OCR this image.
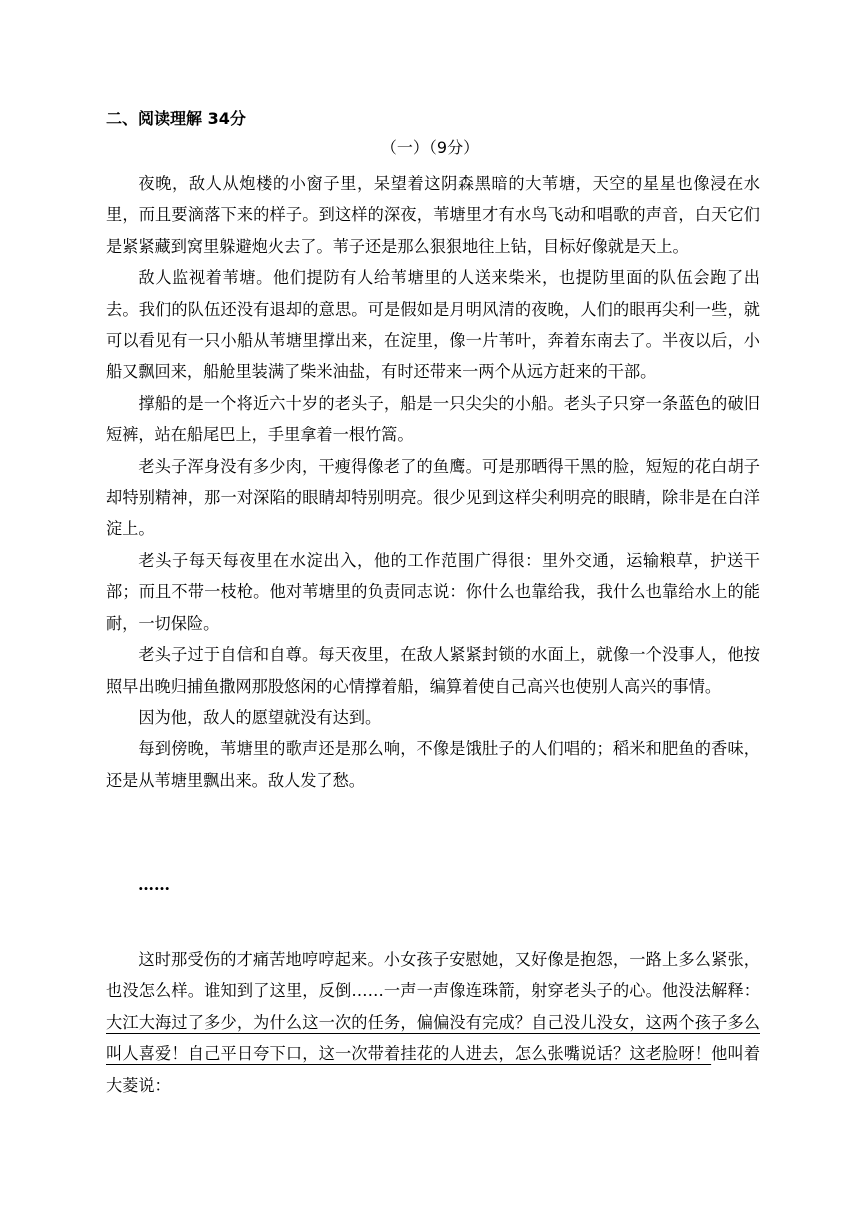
二、阅读理解 34分
（一）（9分）

夜晚，敌人从炮楼的小窗子里，呆望着这阴森黑暗的大苇塘，天空的星星也像浸在水里，而且要滴落下来的样子。到这样的深夜，苇塘里才有水鸟飞动和唱歌的声音，白天它们是紧紧藏到窝里躲避炮火去了。苇子还是那么狠狠地往上钻，目标好像就是天上。

敌人监视着苇塘。他们提防有人给苇塘里的人送来柴米，也提防里面的队伍会跑了出去。我们的队伍还没有退却的意思。可是假如是月明风清的夜晚，人们的眼再尖利一些，就可以看见有一只小船从苇塘里撑出来，在淀里，像一片苇叶，奔着东南去了。半夜以后，小船又飘回来，船舱里装满了柴米油盐，有时还带来一两个从远方赶来的干部。

撑船的是一个将近六十岁的老头子，船是一只尖尖的小船。老头子只穿一条蓝色的破旧短裤，站在船尾巴上，手里拿着一根竹篙。

老头子浑身没有多少肉，干瘦得像老了的鱼鹰。可是那晒得干黑的脸，短短的花白胡子却特别精神，那一对深陷的眼睛却特别明亮。很少见到这样尖利明亮的眼睛，除非是在白洋淀上。

老头子每天每夜里在水淀出入，他的工作范围广得很：里外交通，运输粮草，护送干部；而且不带一枝枪。他对苇塘里的负责同志说：你什么也靠给我，我什么也靠给水上的能耐，一切保险。

老头子过于自信和自尊。每天夜里，在敌人紧紧封锁的水面上，就像一个没事人，他按照早出晚归捕鱼撒网那股悠闲的心情撑着船，编算着使自己高兴也使别人高兴的事情。

因为他，敌人的愿望就没有达到。

每到傍晚，苇塘里的歌声还是那么响，不像是饿肚子的人们唱的；稻米和肥鱼的香味，还是从苇塘里飘出来。敌人发了愁。

……

这时那受伤的才痛苦地哼哼起来。小女孩子安慰她，又好像是抱怨，一路上多么紧张，也没怎么样。谁知到了这里，反倒……一声一声像连珠箭，射穿老头子的心。他没法解释：大江大海过了多少，为什么这一次的任务，偏偏没有完成？自己没儿没女，这两个孩子多么叫人喜爱！自己平日夸下口，这一次带着挂花的人进去，怎么张嘴说话？这老脸呀！他叫着大菱说：
